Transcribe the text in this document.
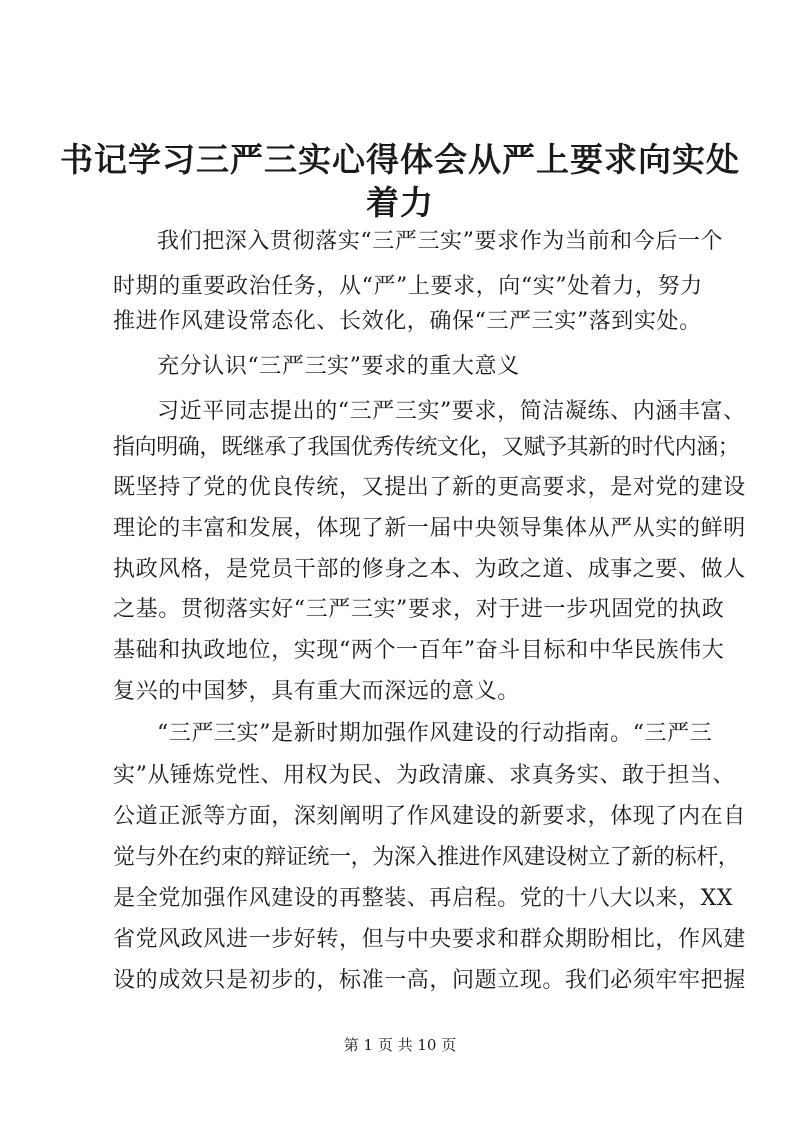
书记学习三严三实心得体会从严上要求向实处
着力
我们把深入贯彻落实“三严三实”要求作为当前和今后一个
时期的重要政治任务，从“严”上要求，向“实”处着力，努力
推进作风建设常态化、长效化，确保“三严三实”落到实处。
充分认识“三严三实”要求的重大意义
习近平同志提出的“三严三实”要求，简洁凝练、内涵丰富、
指向明确，既继承了我国优秀传统文化，又赋予其新的时代内涵；
既坚持了党的优良传统，又提出了新的更高要求，是对党的建设
理论的丰富和发展，体现了新一届中央领导集体从严从实的鲜明
执政风格，是党员干部的修身之本、为政之道、成事之要、做人
之基。贯彻落实好“三严三实”要求，对于进一步巩固党的执政
基础和执政地位，实现“两个一百年”奋斗目标和中华民族伟大
复兴的中国梦，具有重大而深远的意义。
“三严三实”是新时期加强作风建设的行动指南。“三严三
实”从锤炼党性、用权为民、为政清廉、求真务实、敢于担当、
公道正派等方面，深刻阐明了作风建设的新要求，体现了内在自
觉与外在约束的辩证统一，为深入推进作风建设树立了新的标杆，
是全党加强作风建设的再整装、再启程。党的十八大以来，XX
省党风政风进一步好转，但与中央要求和群众期盼相比，作风建
设的成效只是初步的，标准一高，问题立现。我们必须牢牢把握
第 1 页 共 10 页
